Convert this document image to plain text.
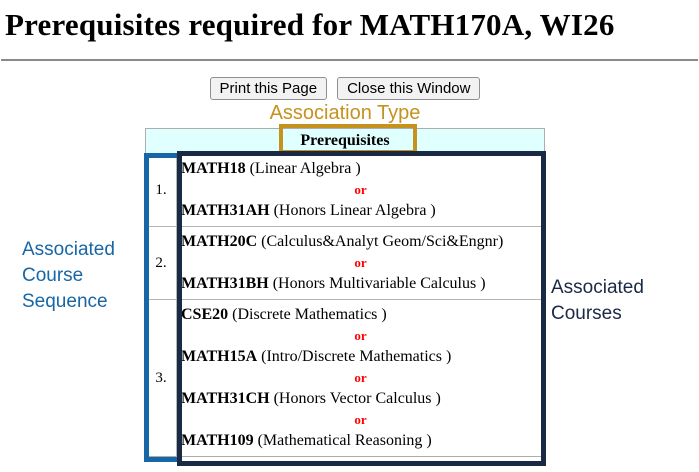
Prerequisites required for MATH170A, WI26
Print this Page Close this Window
Association Type
Prerequisites
1.
MATH18 (Linear Algebra )
or
MATH31AH (Honors Linear Algebra )
2.
MATH20C (Calculus&Analyt Geom/Sci&Engnr)
or
MATH31BH (Honors Multivariable Calculus )
3.
CSE20 (Discrete Mathematics )
or
MATH15A (Intro/Discrete Mathematics )
or
MATH31CH (Honors Vector Calculus )
or
MATH109 (Mathematical Reasoning )
Associated Course Sequence
Associated Courses
